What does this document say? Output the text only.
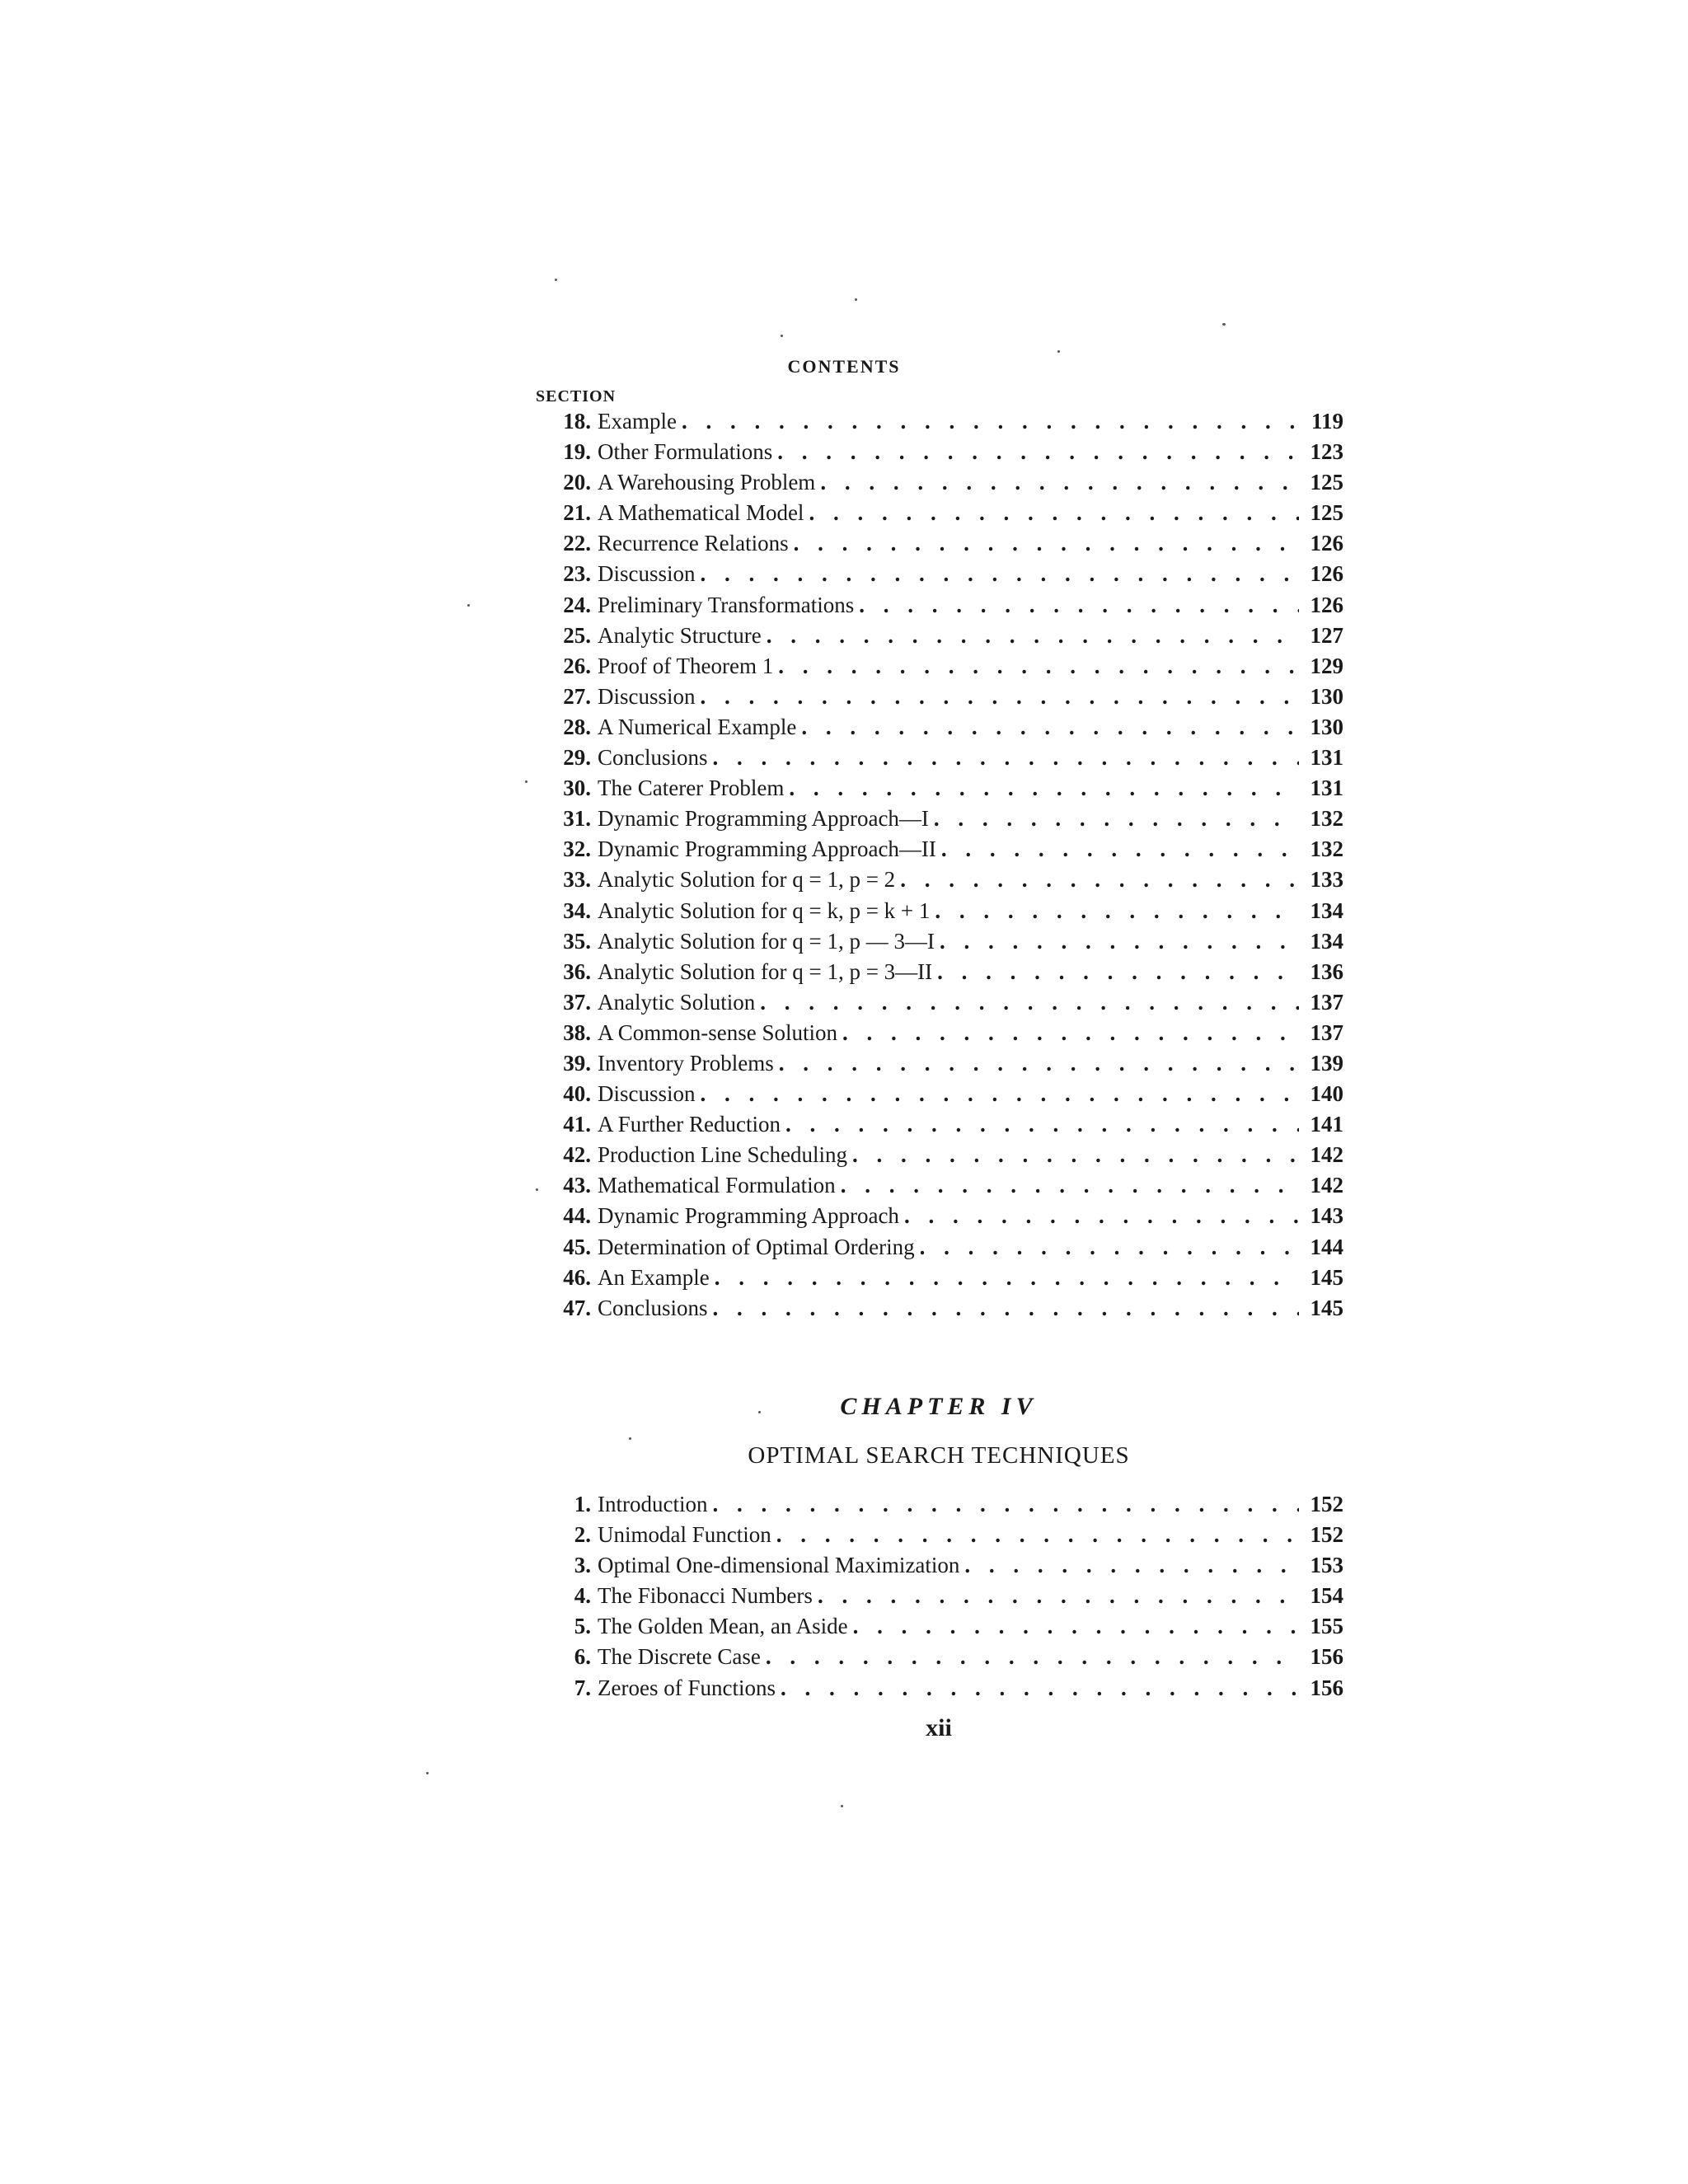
CONTENTS
SECTION
18. Example . . .	119
19. Other Formulations . . .	123
20. A Warehousing Problem . . .	125
21. A Mathematical Model . . .	125
22. Recurrence Relations . . .	126
23. Discussion . . .	126
24. Preliminary Transformations . . .	126
25. Analytic Structure . . .	127
26. Proof of Theorem 1 . . .	129
27. Discussion . . .	130
28. A Numerical Example . . .	130
29. Conclusions . . .	131
30. The Caterer Problem . . .	131
31. Dynamic Programming Approach—I . . .	132
32. Dynamic Programming Approach—II . . .	132
33. Analytic Solution for q = 1, p = 2 . . .	133
34. Analytic Solution for q = k, p = k + 1 . . .	134
35. Analytic Solution for q = 1, p — 3—I . . .	134
36. Analytic Solution for q = 1, p = 3—II . . .	136
37. Analytic Solution . . .	137
38. A Common-sense Solution . . .	137
39. Inventory Problems . . .	139
40. Discussion . . .	140
41. A Further Reduction . . .	141
42. Production Line Scheduling . . .	142
43. Mathematical Formulation . . .	142
44. Dynamic Programming Approach . . .	143
45. Determination of Optimal Ordering . . .	144
46. An Example . . .	145
47. Conclusions . . .	145
CHAPTER IV
OPTIMAL SEARCH TECHNIQUES
1. Introduction . . .	152
2. Unimodal Function . . .	152
3. Optimal One-dimensional Maximization . . .	153
4. The Fibonacci Numbers . . .	154
5. The Golden Mean, an Aside . . .	155
6. The Discrete Case . . .	156
7. Zeroes of Functions . . .	156
xii
